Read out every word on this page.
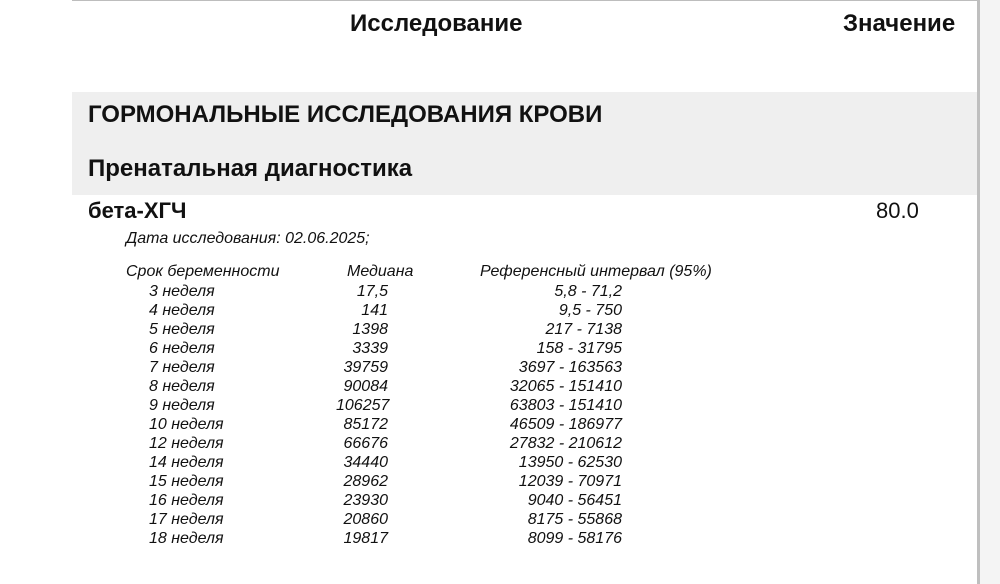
Исследование	Значение
ГОРМОНАЛЬНЫЕ ИССЛЕДОВАНИЯ КРОВИ
Пренатальная диагностика
бета-ХГЧ	80.0
Дата исследования: 02.06.2025;
Срок беременности	Медиана	Референсный интервал (95%)
3 неделя	17,5	5,8 - 71,2
4 неделя	141	9,5 - 750
5 неделя	1398	217 - 7138
6 неделя	3339	158 - 31795
7 неделя	39759	3697 - 163563
8 неделя	90084	32065 - 151410
9 неделя	106257	63803 - 151410
10 неделя	85172	46509 - 186977
12 неделя	66676	27832 - 210612
14 неделя	34440	13950 - 62530
15 неделя	28962	12039 - 70971
16 неделя	23930	9040 - 56451
17 неделя	20860	8175 - 55868
18 неделя	19817	8099 - 58176
